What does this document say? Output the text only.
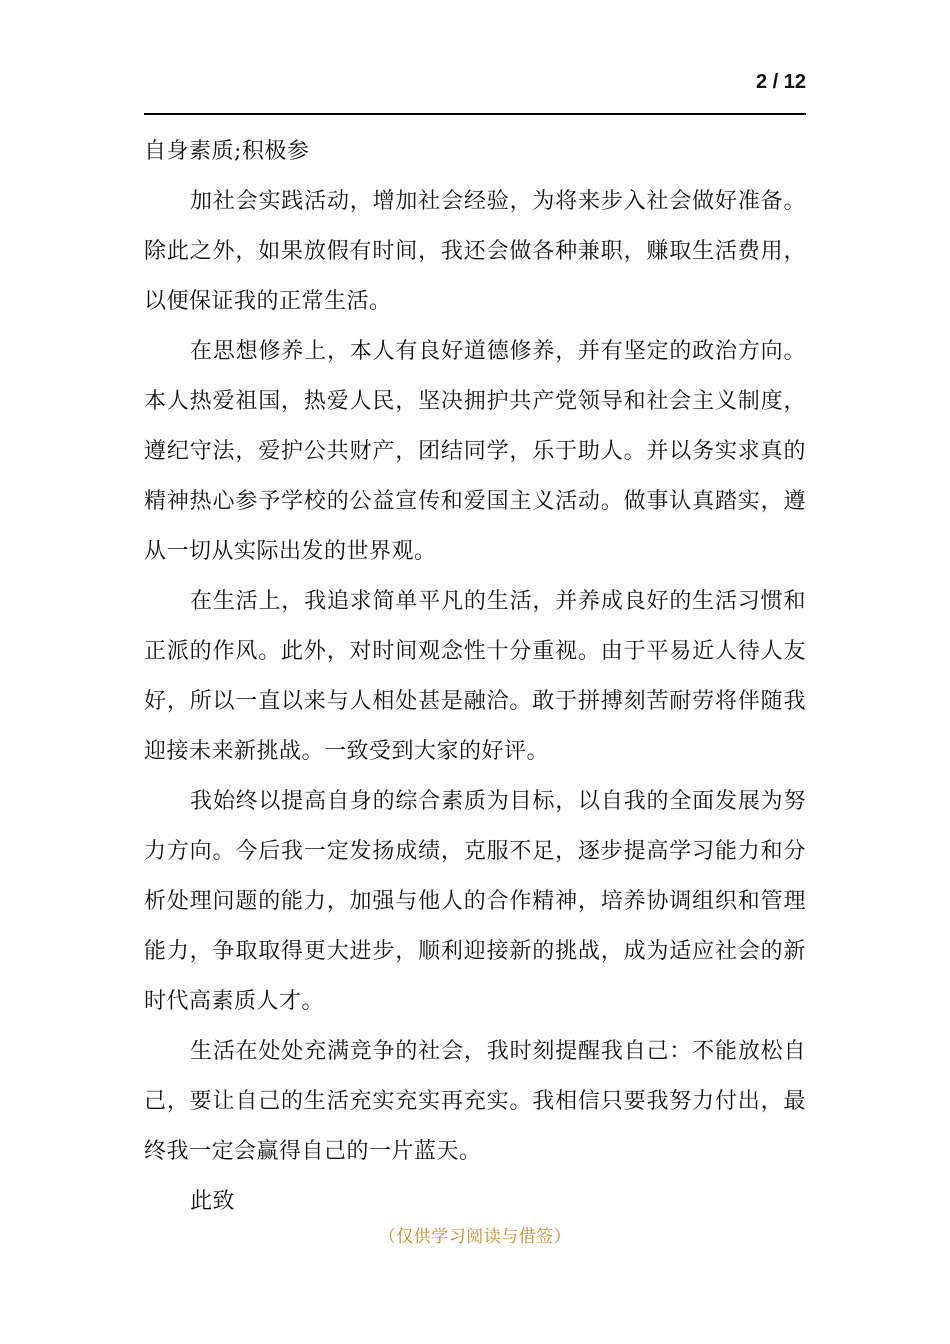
2 / 12

自身素质;积极参

加社会实践活动，增加社会经验，为将来步入社会做好准备。除此之外，如果放假有时间，我还会做各种兼职，赚取生活费用，以便保证我的正常生活。

在思想修养上，本人有良好道德修养，并有坚定的政治方向。本人热爱祖国，热爱人民，坚决拥护共产党领导和社会主义制度，遵纪守法，爱护公共财产，团结同学，乐于助人。并以务实求真的精神热心参予学校的公益宣传和爱国主义活动。做事认真踏实，遵从一切从实际出发的世界观。

在生活上，我追求简单平凡的生活，并养成良好的生活习惯和正派的作风。此外，对时间观念性十分重视。由于平易近人待人友好，所以一直以来与人相处甚是融洽。敢于拼搏刻苦耐劳将伴随我迎接未来新挑战。一致受到大家的好评。

我始终以提高自身的综合素质为目标，以自我的全面发展为努力方向。今后我一定发扬成绩，克服不足，逐步提高学习能力和分析处理问题的能力，加强与他人的合作精神，培养协调组织和管理能力，争取取得更大进步，顺利迎接新的挑战，成为适应社会的新时代高素质人才。

生活在处处充满竞争的社会，我时刻提醒我自己：不能放松自己，要让自己的生活充实充实再充实。我相信只要我努力付出，最终我一定会赢得自己的一片蓝天。

此致

（仅供学习阅读与借签）
